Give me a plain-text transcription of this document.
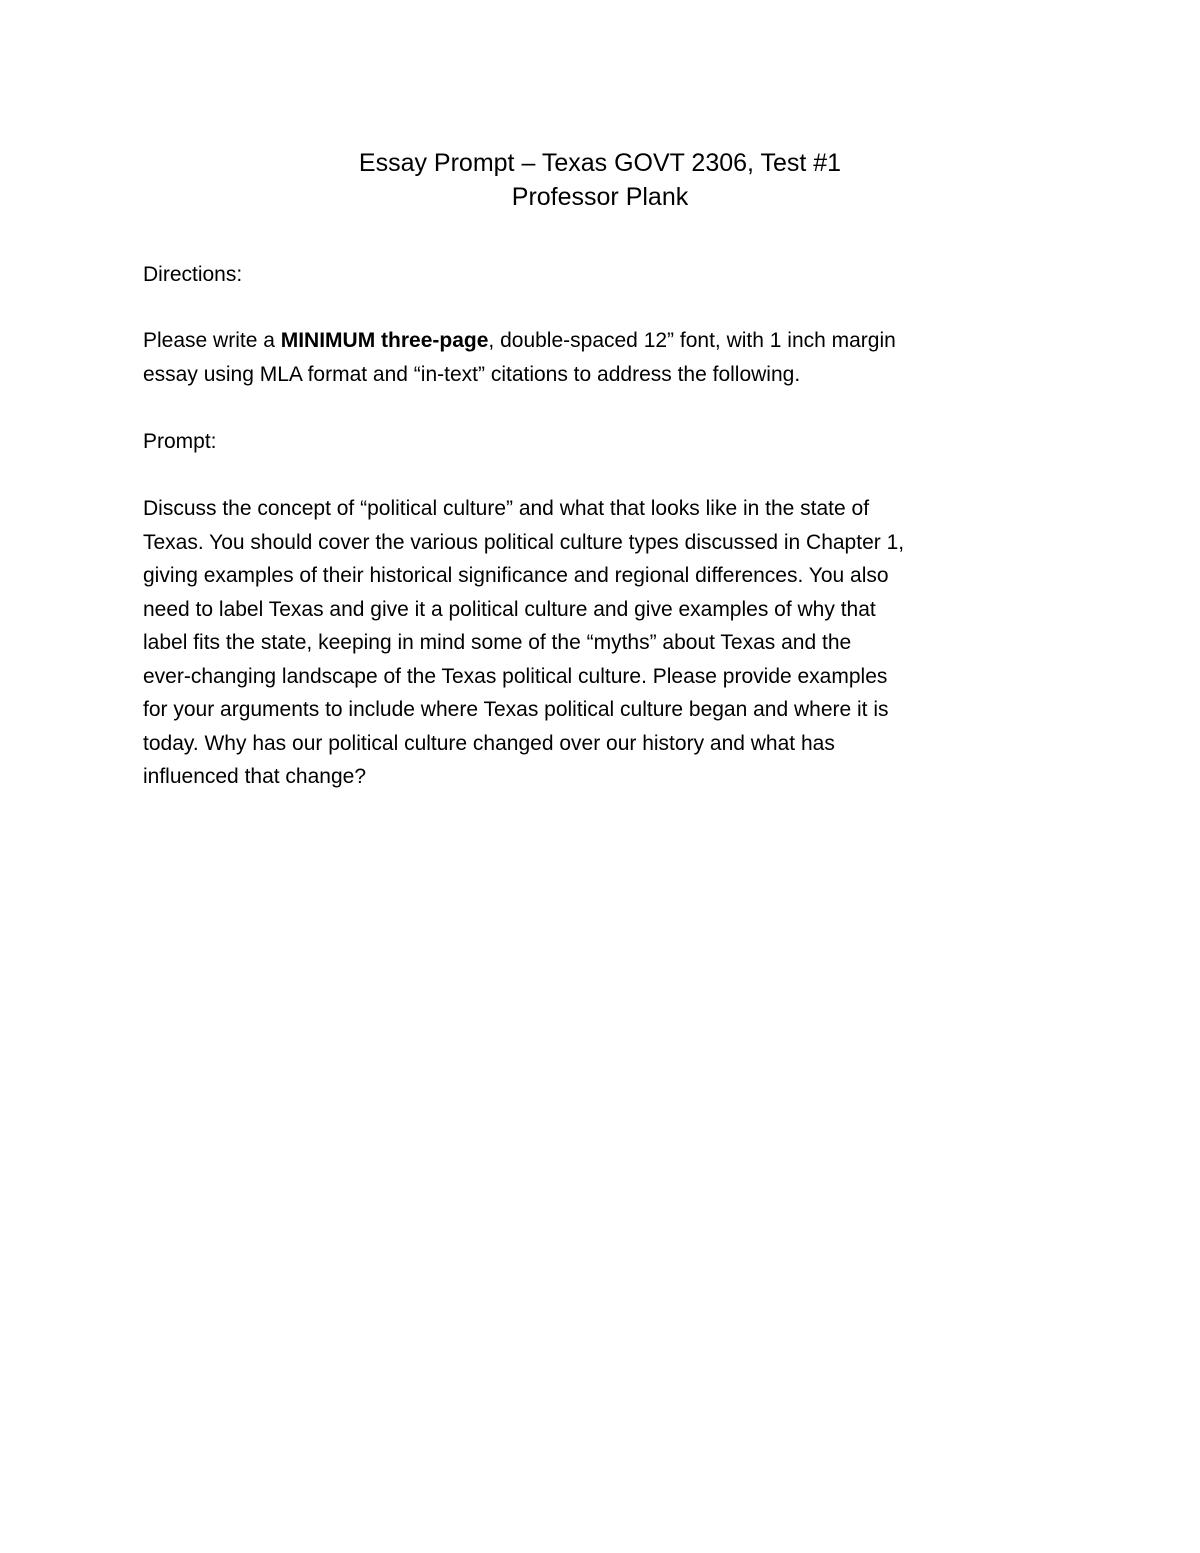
Essay Prompt – Texas GOVT 2306, Test #1
Professor Plank
Directions:
Please write a MINIMUM three-page, double-spaced 12” font, with 1 inch margin
essay using MLA format and “in-text” citations to address the following.
Prompt:
Discuss the concept of “political culture” and what that looks like in the state of
Texas. You should cover the various political culture types discussed in Chapter 1,
giving examples of their historical significance and regional differences. You also
need to label Texas and give it a political culture and give examples of why that
label fits the state, keeping in mind some of the “myths” about Texas and the
ever-changing landscape of the Texas political culture. Please provide examples
for your arguments to include where Texas political culture began and where it is
today. Why has our political culture changed over our history and what has
influenced that change?
